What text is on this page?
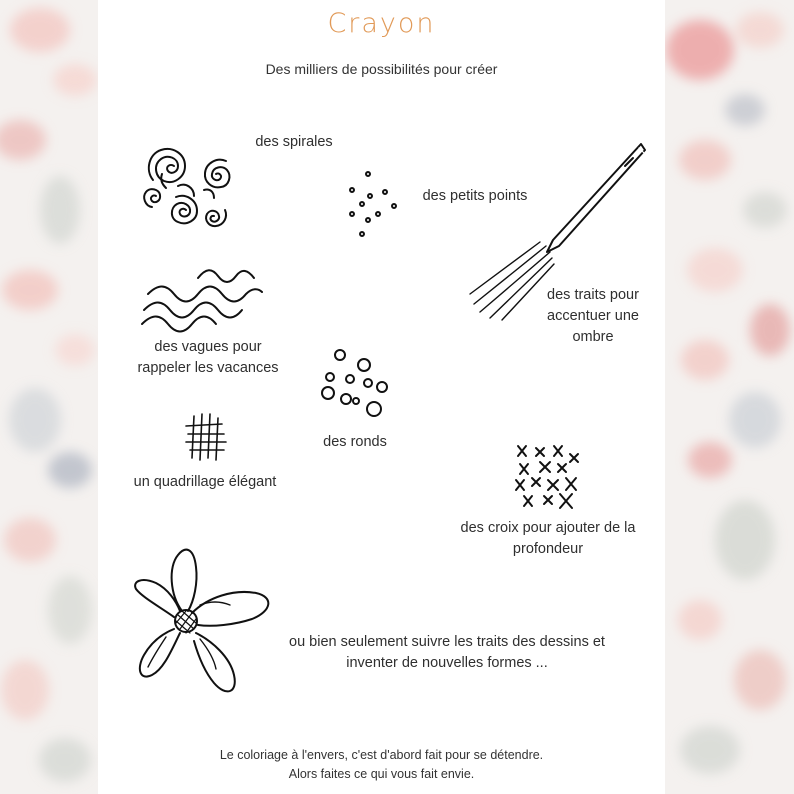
Crayon
Des milliers de possibilités pour créer
des spirales
des petits points
des traits pour accentuer une ombre
des vagues pour rappeler les vacances
des ronds
un quadrillage élégant
des croix pour ajouter de la profondeur
ou bien seulement suivre les traits des dessins et inventer de nouvelles formes ...
Le coloriage à l'envers, c'est d'abord fait pour se détendre.
Alors faites ce qui vous fait envie.
